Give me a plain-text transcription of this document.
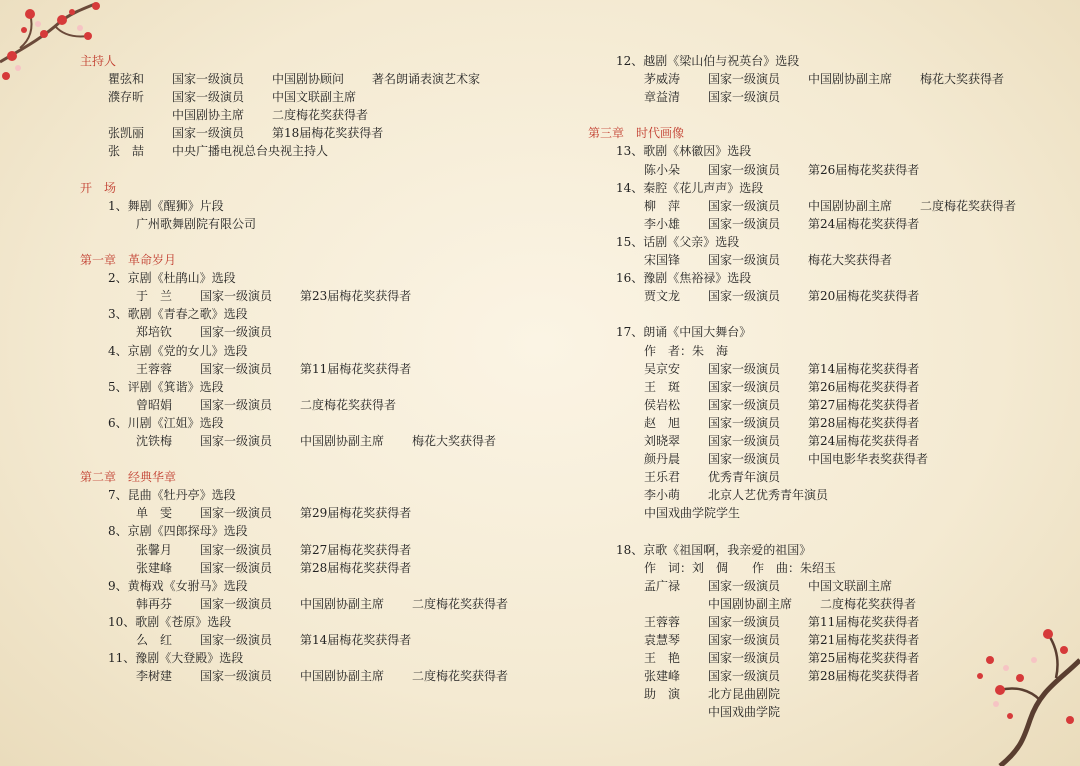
主持人
瞿弦和 国家一级演员 中国剧协顾问 著名朗诵表演艺术家
濮存昕 国家一级演员 中国文联副主席
中国剧协主席 二度梅花奖获得者
张凯丽 国家一级演员 第18届梅花奖获得者
张　喆 中央广播电视总台央视主持人
开　场
1、舞剧《醒狮》片段
广州歌舞剧院有限公司
第一章　革命岁月
2、京剧《杜鹃山》选段
于　兰 国家一级演员 第23届梅花奖获得者
3、歌剧《青春之歌》选段
郑培钦 国家一级演员
4、京剧《党的女儿》选段
王蓉蓉 国家一级演员 第11届梅花奖获得者
5、评剧《箕谐》选段
曾昭娟 国家一级演员 二度梅花奖获得者
6、川剧《江姐》选段
沈铁梅 国家一级演员 中国剧协副主席 梅花大奖获得者
第二章　经典华章
7、昆曲《牡丹亭》选段
单　雯 国家一级演员 第29届梅花奖获得者
8、京剧《四郎探母》选段
张馨月 国家一级演员 第27届梅花奖获得者
张建峰 国家一级演员 第28届梅花奖获得者
9、黄梅戏《女驸马》选段
韩再芬 国家一级演员 中国剧协副主席 二度梅花奖获得者
10、歌剧《苍原》选段
么　红 国家一级演员 第14届梅花奖获得者
11、豫剧《大登殿》选段
李树建 国家一级演员 中国剧协副主席 二度梅花奖获得者
12、越剧《梁山伯与祝英台》选段
茅威涛 国家一级演员 中国剧协副主席 梅花大奖获得者
章益清 国家一级演员
第三章　时代画像
13、歌剧《林徽因》选段
陈小朵 国家一级演员 第26届梅花奖获得者
14、秦腔《花儿声声》选段
柳　萍 国家一级演员 中国剧协副主席 二度梅花奖获得者
李小雄 国家一级演员 第24届梅花奖获得者
15、话剧《父亲》选段
宋国锋 国家一级演员 梅花大奖获得者
16、豫剧《焦裕禄》选段
贾文龙 国家一级演员 第20届梅花奖获得者
17、朗诵《中国大舞台》
作　者：朱　海
吴京安 国家一级演员 第14届梅花奖获得者
王　斑 国家一级演员 第26届梅花奖获得者
侯岩松 国家一级演员 第27届梅花奖获得者
赵　旭 国家一级演员 第28届梅花奖获得者
刘晓翠 国家一级演员 第24届梅花奖获得者
颜丹晨 国家一级演员 中国电影华表奖获得者
王乐君 优秀青年演员
李小萌 北京人艺优秀青年演员
中国戏曲学院学生
18、京歌《祖国啊，我亲爱的祖国》
作　词：刘　倜　　作　曲：朱绍玉
孟广禄 国家一级演员 中国文联副主席
中国剧协副主席 二度梅花奖获得者
王蓉蓉 国家一级演员 第11届梅花奖获得者
袁慧琴 国家一级演员 第21届梅花奖获得者
王　艳 国家一级演员 第25届梅花奖获得者
张建峰 国家一级演员 第28届梅花奖获得者
助　演 北方昆曲剧院
中国戏曲学院
